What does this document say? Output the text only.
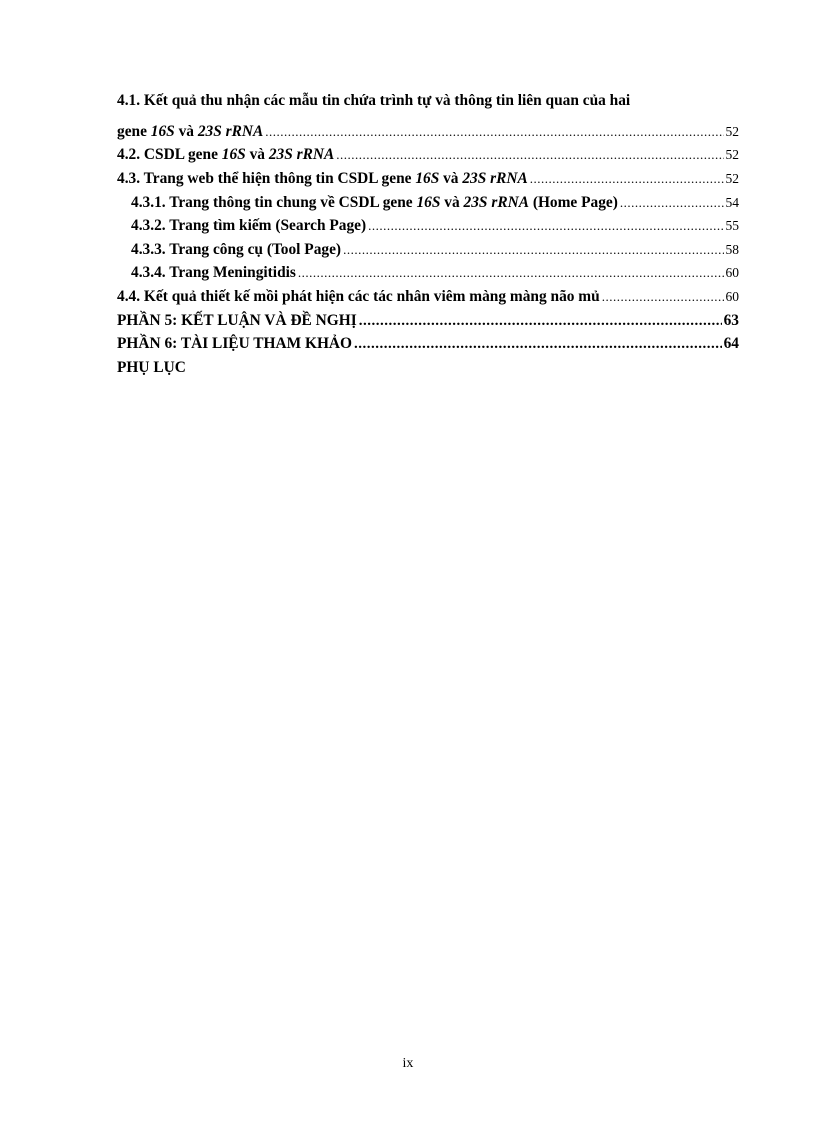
4.1. Kết quả thu nhận các mẫu tin chứa trình tự và thông tin liên quan của hai
gene 16S và 23S rRNA .....	52
4.2. CSDL gene 16S và 23S rRNA .....	52
4.3. Trang web thể hiện thông tin CSDL gene 16S và 23S rRNA .....	52
4.3.1. Trang thông tin chung về CSDL gene 16S và 23S rRNA (Home Page) .....	54
4.3.2. Trang tìm kiếm (Search Page) .....	55
4.3.3. Trang công cụ (Tool Page) .....	58
4.3.4. Trang Meningitidis .....	60
4.4. Kết quả thiết kế mồi phát hiện các tác nhân viêm màng màng não mủ .....	60
PHẦN 5: KẾT LUẬN VÀ ĐỀ NGHỊ .....	63
PHẦN 6: TÀI LIỆU THAM KHẢO .....	64
PHỤ LỤC
ix
